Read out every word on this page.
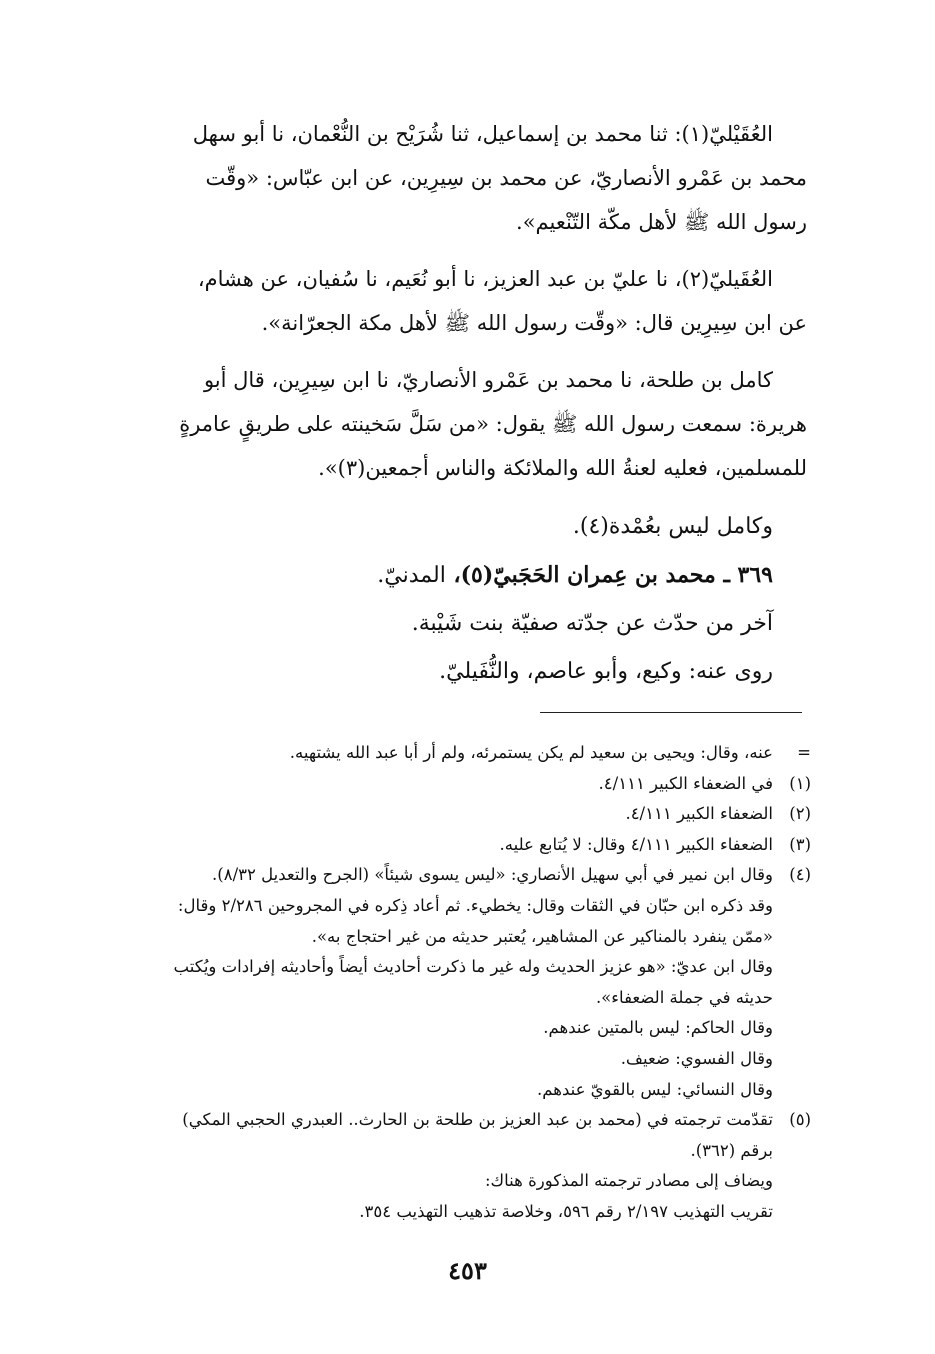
العُقَيْليّ(١): ثنا محمد بن إسماعيل، ثنا شُرَيْح بن النُّعْمان، نا أبو سهل

محمد بن عَمْرو الأنصاريّ، عن محمد بن سِيرِين، عن ابن عبّاس: «وقّت

رسول الله ﷺ لأهل مكّة التّنْعيم».

العُقَيليّ(٢)، نا عليّ بن عبد العزيز، نا أبو نُعَيم، نا سُفيان، عن هشام،

عن ابن سِيرِين قال: «وقّت رسول الله ﷺ لأهل مكة الجعرّانة».

كامل بن طلحة، نا محمد بن عَمْرو الأنصاريّ، نا ابن سِيرِين، قال أبو

هريرة: سمعت رسول الله ﷺ يقول: «من سَلَّ سَخينته على طريقٍ عامرةٍ

للمسلمين، فعليه لعنةُ الله والملائكة والناس أجمعين(٣)».

وكامل ليس بعُمْدة(٤).

٣٦٩ ـ محمد بن عِمران الحَجَبيّ(٥)، المدنيّ.

آخر من حدّث عن جدّته صفيّة بنت شَيْبة.

روى عنه: وكيع، وأبو عاصم، والنُّفَيليّ.

=
عنه، وقال: ويحيى بن سعيد لم يكن يستمرئه، ولم أر أبا عبد الله يشتهيه.
(١)
في الضعفاء الكبير ٤/١١١.
(٢)
الضعفاء الكبير ٤/١١١.
(٣)
الضعفاء الكبير ٤/١١١ وقال: لا يُتابع عليه.
(٤)
وقال ابن نمير في أبي سهيل الأنصاري: «ليس يسوى شيئاً» (الجرح والتعديل ٨/٣٢).
وقد ذكره ابن حبّان في الثقات وقال: يخطيء. ثم أعاد ذِكره في المجروحين ٢/٢٨٦ وقال:
«ممّن ينفرد بالمناكير عن المشاهير، يُعتبر حديثه من غير احتجاج به».
وقال ابن عديّ: «هو عزيز الحديث وله غير ما ذكرت أحاديث أيضاً وأحاديثه إفرادات ويُكتب
حديثه في جملة الضعفاء».
وقال الحاكم: ليس بالمتين عندهم.
وقال الفسوي: ضعيف.
وقال النسائي: ليس بالقويّ عندهم.
(٥)
تقدّمت ترجمته في (محمد بن عبد العزيز بن طلحة بن الحارث.. العبدري الحجبي المكي)
برقم (٣٦٢).
ويضاف إلى مصادر ترجمته المذكورة هناك:
تقريب التهذيب ٢/١٩٧ رقم ٥٩٦، وخلاصة تذهيب التهذيب ٣٥٤.
٤٥٣
